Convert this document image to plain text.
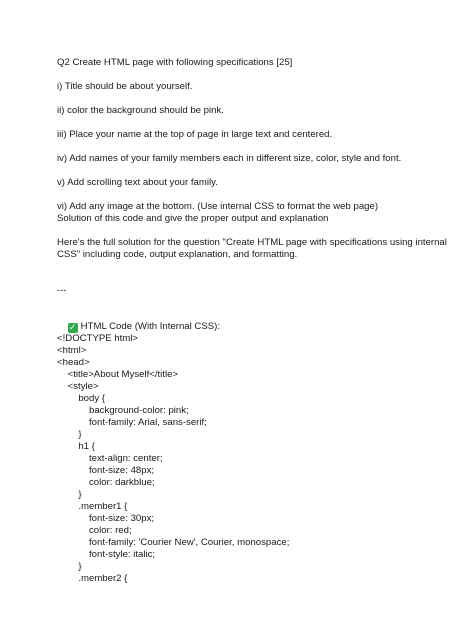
Q2 Create HTML page with following specifications [25]
i) Title should be about yourself.
ii) color the background should be pink.
iii) Place your name at the top of page in large text and centered.
iv) Add names of your family members each in different size, color, style and font.
v) Add scrolling text about your family.
vi) Add any image at the bottom. (Use internal CSS to format the web page)
Solution of this code and give the proper output and explanation
Here's the full solution for the question "Create HTML page with specifications using internal
CSS" including code, output explanation, and formatting.
---

✓ HTML Code (With Internal CSS):

<!DOCTYPE html>
<html>
<head>
<title>About Myself</title>
<style>
body {
background-color: pink;
font-family: Arial, sans-serif;
}
h1 {
text-align: center;
font-size: 48px;
color: darkblue;
}
.member1 {
font-size: 30px;
color: red;
font-family: 'Courier New', Courier, monospace;
font-style: italic;
}
.member2 {
